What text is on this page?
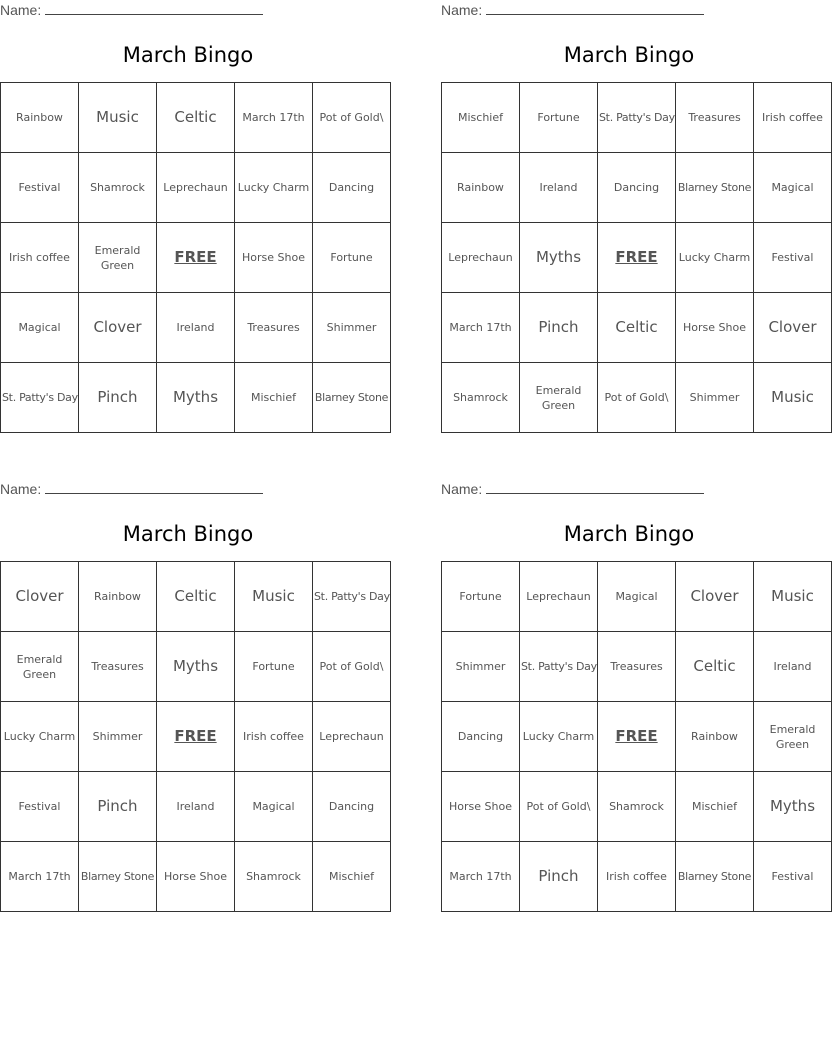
Name:
March Bingo
Rainbow	Music	Celtic	March 17th	Pot of Gold\
Festival	Shamrock	Leprechaun	Lucky Charm	Dancing
Irish coffee	Emerald Green	FREE	Horse Shoe	Fortune
Magical	Clover	Ireland	Treasures	Shimmer
St. Patty's Day	Pinch	Myths	Mischief	Blarney Stone
Name:
March Bingo
Mischief	Fortune	St. Patty's Day	Treasures	Irish coffee
Rainbow	Ireland	Dancing	Blarney Stone	Magical
Leprechaun	Myths	FREE	Lucky Charm	Festival
March 17th	Pinch	Celtic	Horse Shoe	Clover
Shamrock	Emerald Green	Pot of Gold\	Shimmer	Music
Name:
March Bingo
Clover	Rainbow	Celtic	Music	St. Patty's Day
Emerald Green	Treasures	Myths	Fortune	Pot of Gold\
Lucky Charm	Shimmer	FREE	Irish coffee	Leprechaun
Festival	Pinch	Ireland	Magical	Dancing
March 17th	Blarney Stone	Horse Shoe	Shamrock	Mischief
Name:
March Bingo
Fortune	Leprechaun	Magical	Clover	Music
Shimmer	St. Patty's Day	Treasures	Celtic	Ireland
Dancing	Lucky Charm	FREE	Rainbow	Emerald Green
Horse Shoe	Pot of Gold\	Shamrock	Mischief	Myths
March 17th	Pinch	Irish coffee	Blarney Stone	Festival
